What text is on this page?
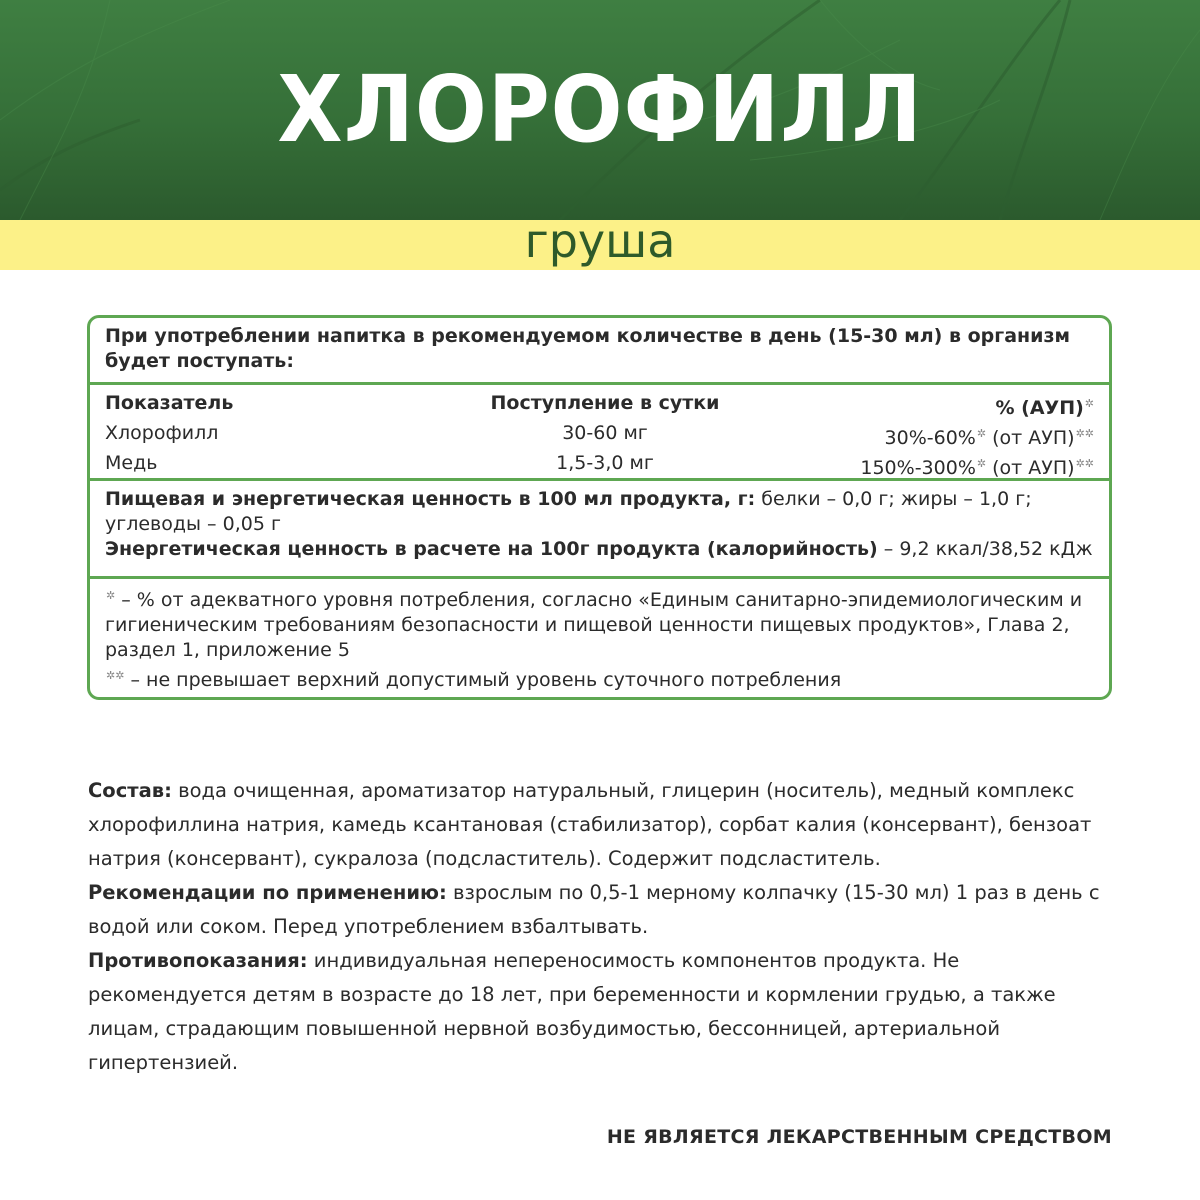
ХЛОРОФИЛЛ
груша
При употреблении напитка в рекомендуемом количестве в день (15-30 мл) в организм будет поступать:
Показатель	Поступление в сутки	% (АУП)✲
Хлорофилл	30-60 мг	30%-60%✲ (от АУП)✲✲
Медь	1,5-3,0 мг	150%-300%✲ (от АУП)✲✲
Пищевая и энергетическая ценность в 100 мл продукта, г: белки – 0,0 г; жиры – 1,0 г; углеводы – 0,05 г
Энергетическая ценность в расчете на 100г продукта (калорийность) – 9,2 ккал/38,52 кДж
✲ – % от адекватного уровня потребления, согласно «Единым санитарно-эпидемиологическим и гигиеническим требованиям безопасности и пищевой ценности пищевых продуктов», Глава 2, раздел 1, приложение 5
✲✲ – не превышает верхний допустимый уровень суточного потребления

Состав: вода очищенная, ароматизатор натуральный, глицерин (носитель), медный комплекс хлорофиллина натрия, камедь ксантановая (стабилизатор), сорбат калия (консервант), бензоат натрия (консервант), сукралоза (подсластитель). Содержит подсластитель.

Рекомендации по применению: взрослым по 0,5-1 мерному колпачку (15-30 мл) 1 раз в день с водой или соком. Перед употреблением взбалтывать.

Противопоказания: индивидуальная непереносимость компонентов продукта. Не рекомендуется детям в возрасте до 18 лет, при беременности и кормлении грудью, а также лицам, страдающим повышенной нервной возбудимостью, бессонницей, артериальной гипертензией.

НЕ ЯВЛЯЕТСЯ ЛЕКАРСТВЕННЫМ СРЕДСТВОМ
